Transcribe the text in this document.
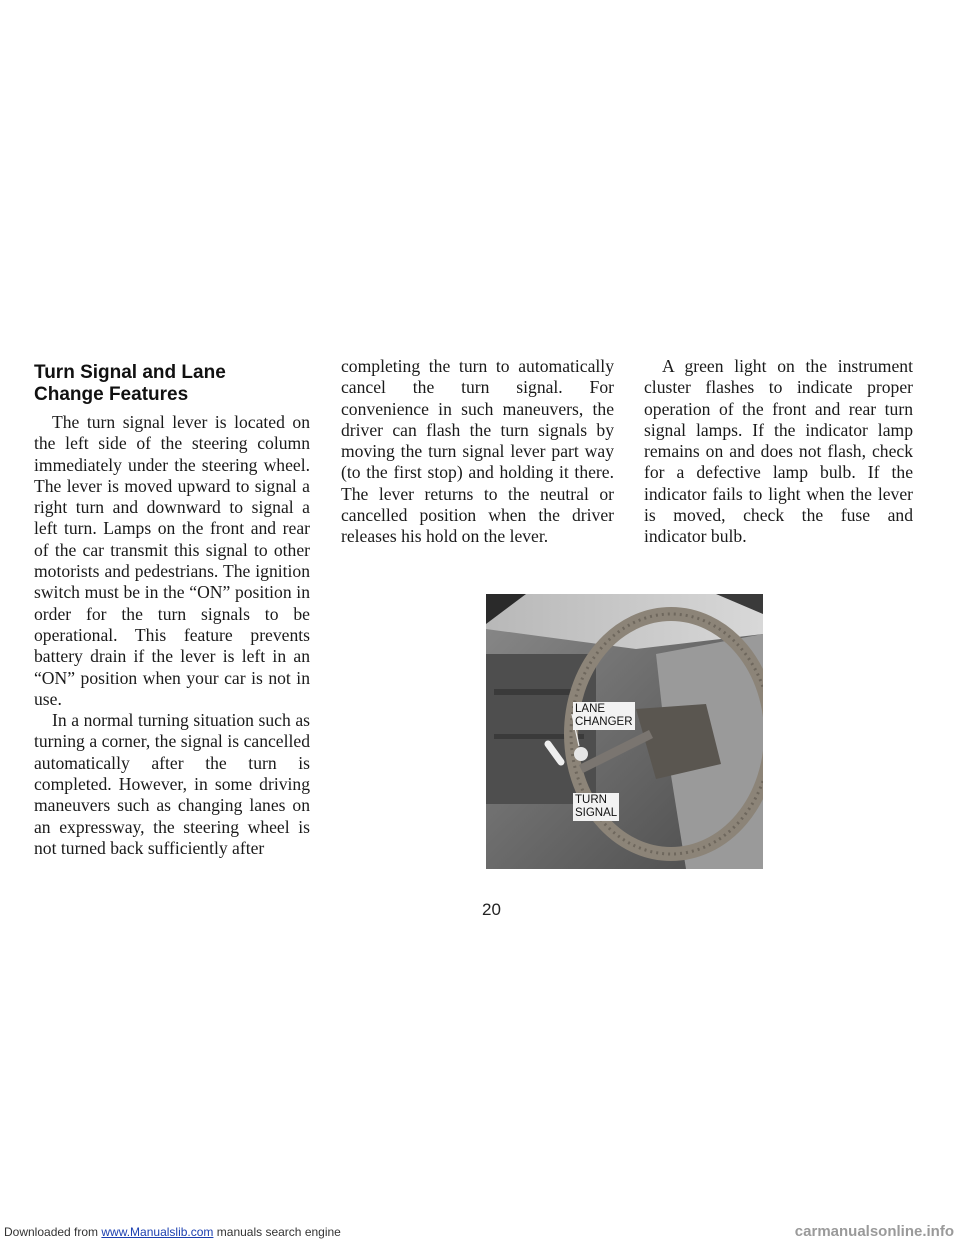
Turn Signal and Lane
Change Features

The turn signal lever is located on the left side of the steering column immediately under the steering wheel. The lever is moved upward to signal a right turn and downward to signal a left turn. Lamps on the front and rear of the car transmit this signal to other motorists and pedestrians. The ignition switch must be in the “ON” position in order for the turn signals to be operational. This feature prevents battery drain if the lever is left in an “ON” position when your car is not in use.

In a normal turning situation such as turning a corner, the signal is cancelled automatically after the turn is completed. However, in some driving maneuvers such as changing lanes on an expressway, the steering wheel is not turned back sufficiently after

completing the turn to automatically cancel the turn signal. For convenience in such maneuvers, the driver can flash the turn signals by moving the turn signal lever part way (to the first stop) and holding it there. The lever returns to the neutral or cancelled position when the driver releases his hold on the lever.

A green light on the instrument cluster flashes to indicate proper operation of the front and rear turn signal lamps. If the indicator lamp remains on and does not flash, check for a defective lamp bulb. If the indicator fails to light when the lever is moved, check the fuse and indicator bulb.

LANE
CHANGER
TURN
SIGNAL
20
Downloaded from www.Manualslib.com manuals search engine	carmanualsonline.info
